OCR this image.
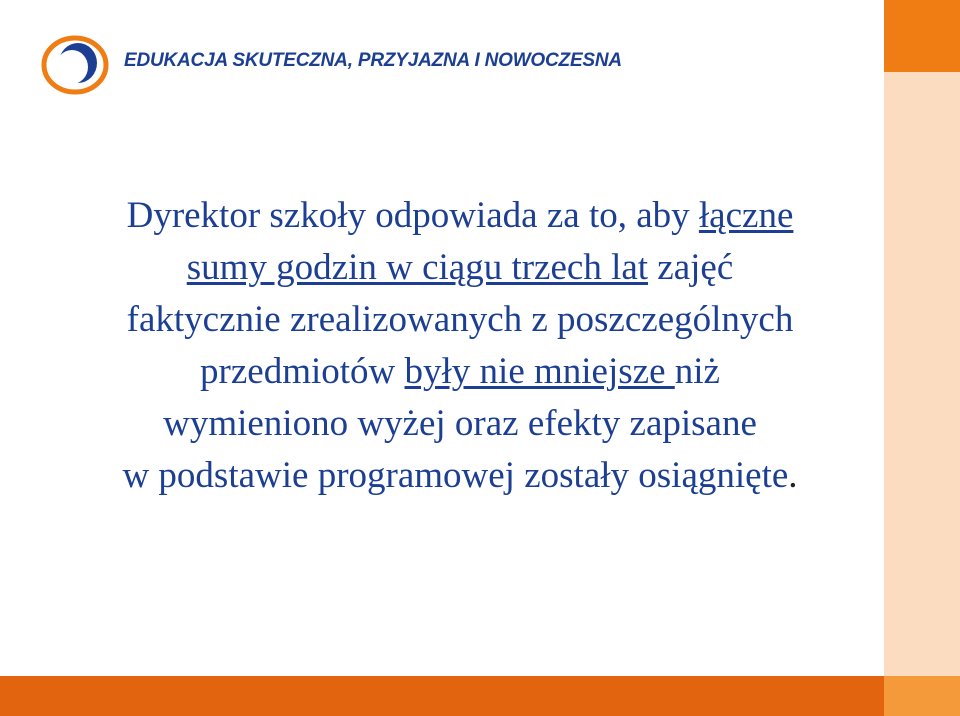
EDUKACJA SKUTECZNA, PRZYJAZNA I NOWOCZESNA

Dyrektor szkoły odpowiada za to, aby łączne
sumy godzin w ciągu trzech lat zajęć
faktycznie zrealizowanych z poszczególnych
przedmiotów były nie mniejsze niż
wymieniono wyżej oraz efekty zapisane
w podstawie programowej zostały osiągnięte.
